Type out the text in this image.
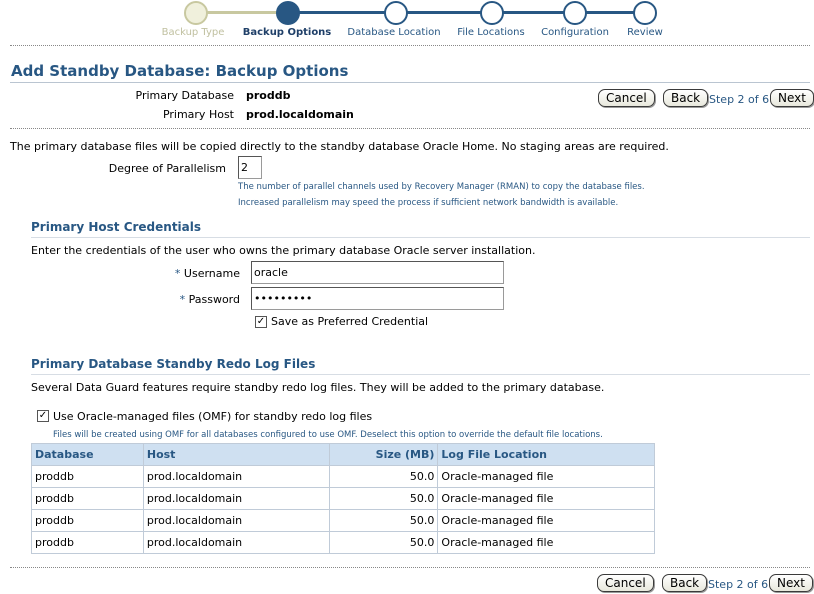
Backup Type Backup Options Database Location File Locations Configuration Review
Add Standby Database: Backup Options
Primary Database proddb
Primary Host prod.localdomain
Cancel	Back Step 2 of 6 Next
The primary database files will be copied directly to the standby database Oracle Home. No staging areas are required.
Degree of Parallelism
2
The number of parallel channels used by Recovery Manager (RMAN) to copy the database files.
Increased parallelism may speed the process if sufficient network bandwidth is available.
Primary Host Credentials
Enter the credentials of the user who owns the primary database Oracle server installation.
* Username
oracle
* Password •••••••••
✓ Save as Preferred Credential
Primary Database Standby Redo Log Files
Several Data Guard features require standby redo log files. They will be added to the primary database.
✓ Use Oracle-managed files (OMF) for standby redo log files
Files will be created using OMF for all databases configured to use OMF. Deselect this option to override the default file locations.
Database	Host	Size (MB)	Log File Location
proddb	prod.localdomain	50.0	Oracle-managed file
proddb	prod.localdomain	50.0	Oracle-managed file
proddb	prod.localdomain	50.0	Oracle-managed file
proddb	prod.localdomain	50.0	Oracle-managed file
Cancel	Back Step 2 of 6 Next
